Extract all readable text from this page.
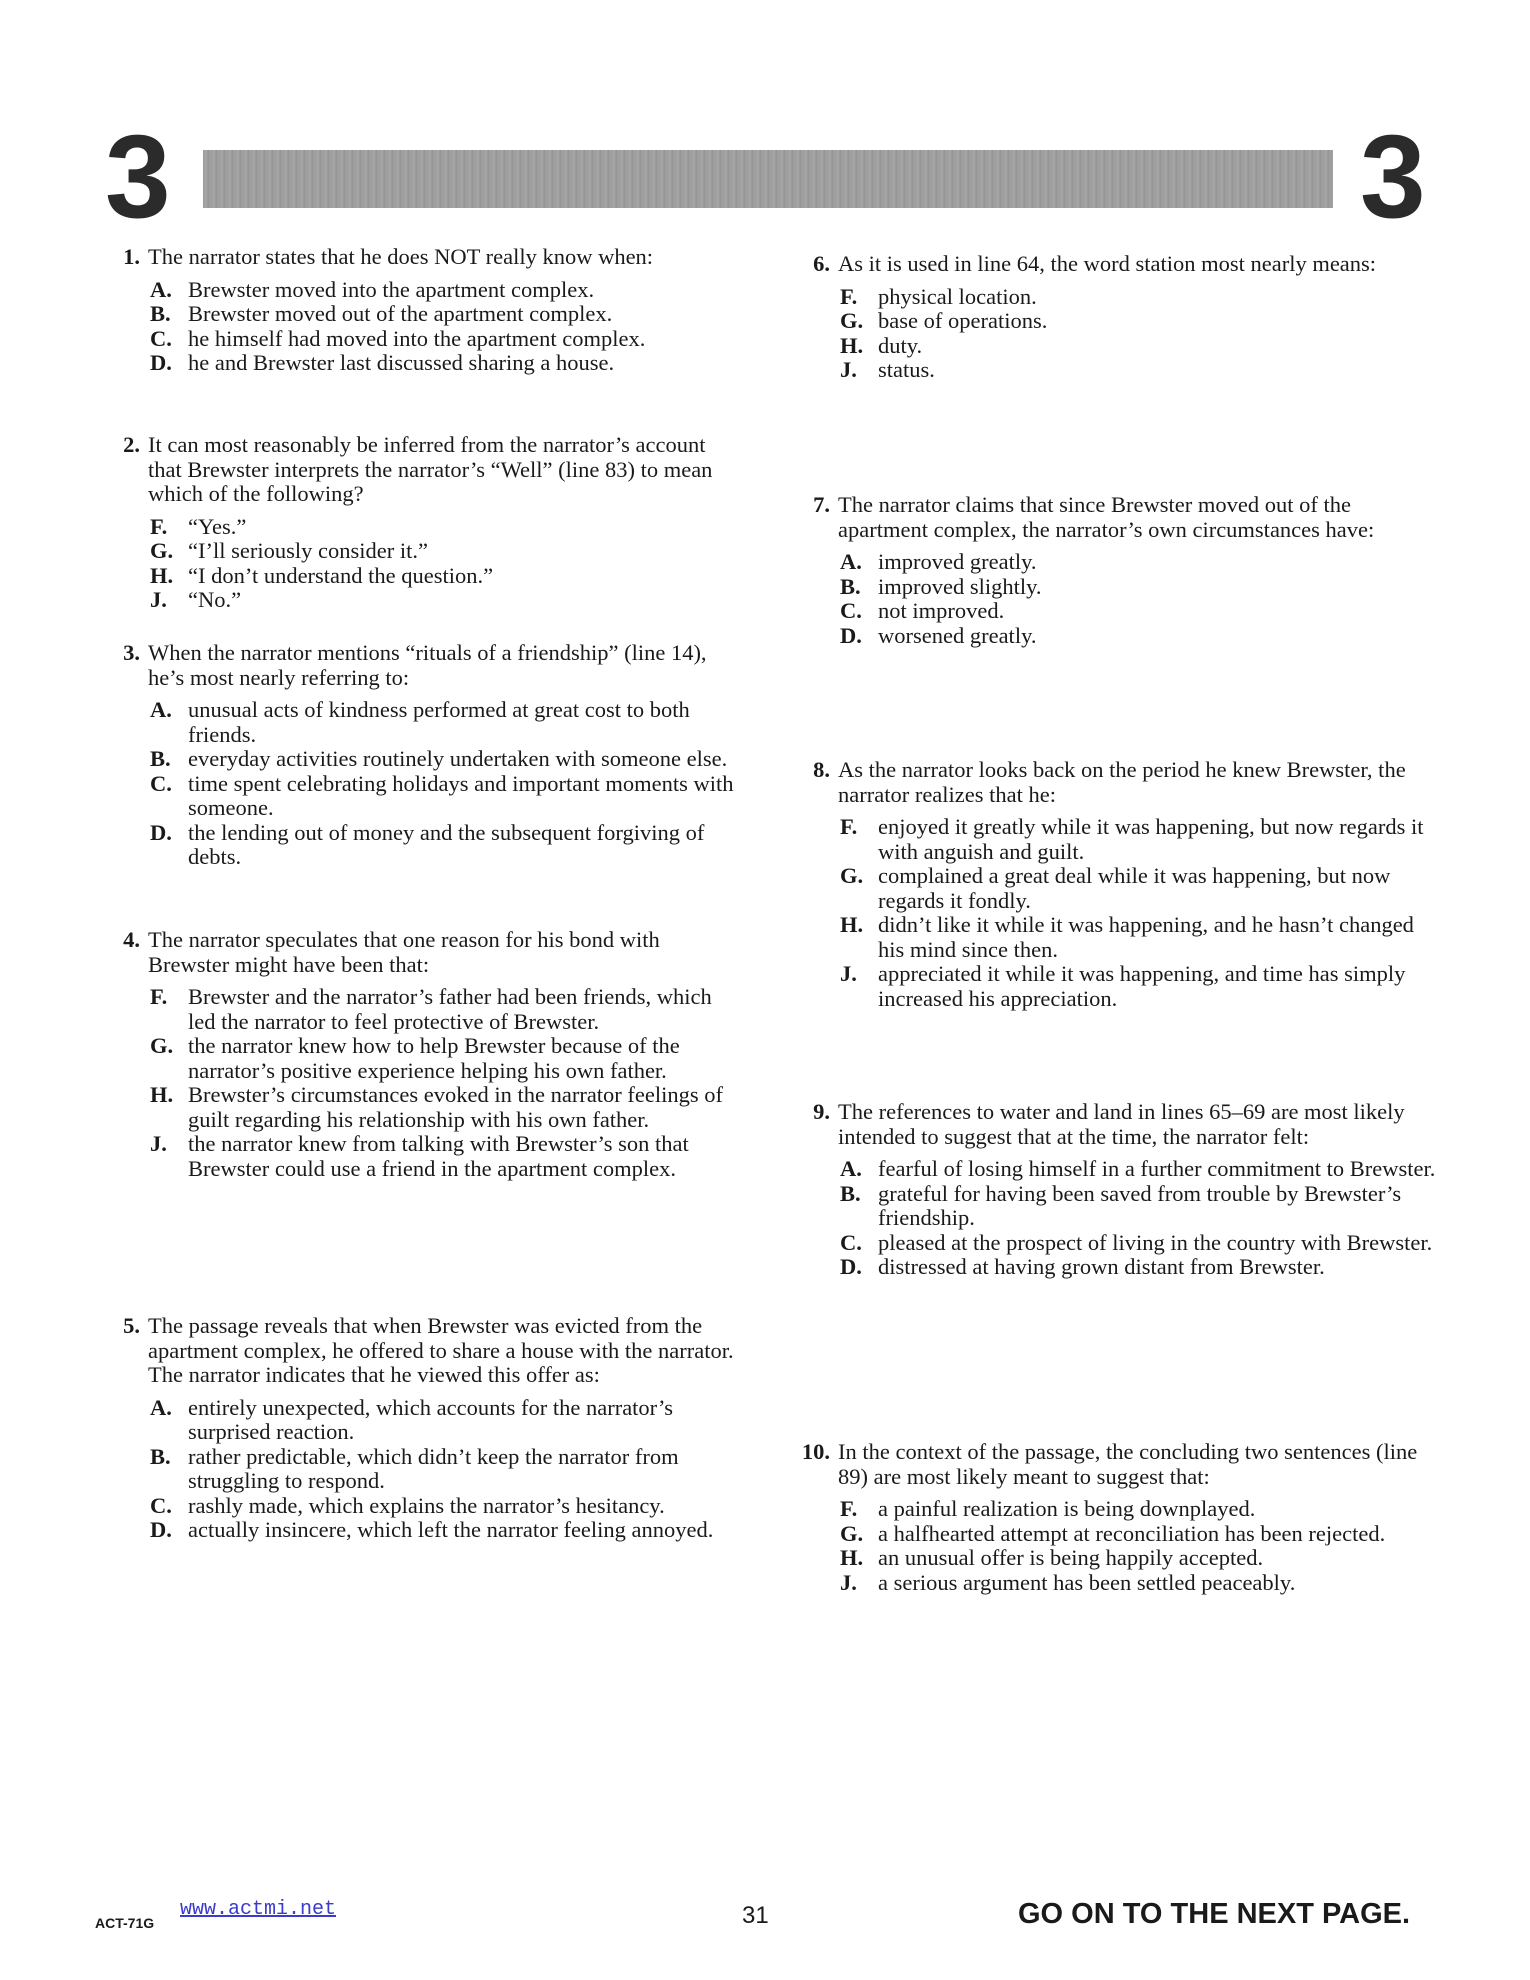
3	3
1. The narrator states that he does NOT really know when:
A. Brewster moved into the apartment complex.
B. Brewster moved out of the apartment complex.
C. he himself had moved into the apartment complex.
D. he and Brewster last discussed sharing a house.
2. It can most reasonably be inferred from the narrator’s account that Brewster interprets the narrator’s “Well” (line 83) to mean which of the following?
F. “Yes.”
G. “I’ll seriously consider it.”
H. “I don’t understand the question.”
J. “No.”
3. When the narrator mentions “rituals of a friendship” (line 14), he’s most nearly referring to:
A. unusual acts of kindness performed at great cost to both friends.
B. everyday activities routinely undertaken with someone else.
C. time spent celebrating holidays and important moments with someone.
D. the lending out of money and the subsequent forgiving of debts.
4. The narrator speculates that one reason for his bond with Brewster might have been that:
F. Brewster and the narrator’s father had been friends, which led the narrator to feel protective of Brewster.
G. the narrator knew how to help Brewster because of the narrator’s positive experience helping his own father.
H. Brewster’s circumstances evoked in the narrator feelings of guilt regarding his relationship with his own father.
J. the narrator knew from talking with Brewster’s son that Brewster could use a friend in the apartment complex.
5. The passage reveals that when Brewster was evicted from the apartment complex, he offered to share a house with the narrator. The narrator indicates that he viewed this offer as:
A. entirely unexpected, which accounts for the narrator’s surprised reaction.
B. rather predictable, which didn’t keep the narrator from struggling to respond.
C. rashly made, which explains the narrator’s hesitancy.
D. actually insincere, which left the narrator feeling annoyed.
6. As it is used in line 64, the word station most nearly means:
F. physical location.
G. base of operations.
H. duty.
J. status.
7. The narrator claims that since Brewster moved out of the apartment complex, the narrator’s own circumstances have:
A. improved greatly.
B. improved slightly.
C. not improved.
D. worsened greatly.
8. As the narrator looks back on the period he knew Brewster, the narrator realizes that he:
F. enjoyed it greatly while it was happening, but now regards it with anguish and guilt.
G. complained a great deal while it was happening, but now regards it fondly.
H. didn’t like it while it was happening, and he hasn’t changed his mind since then.
J. appreciated it while it was happening, and time has simply increased his appreciation.
9. The references to water and land in lines 65–69 are most likely intended to suggest that at the time, the narrator felt:
A. fearful of losing himself in a further commitment to Brewster.
B. grateful for having been saved from trouble by Brewster’s friendship.
C. pleased at the prospect of living in the country with Brewster.
D. distressed at having grown distant from Brewster.
10. In the context of the passage, the concluding two sentences (line 89) are most likely meant to suggest that:
F. a painful realization is being downplayed.
G. a halfhearted attempt at reconciliation has been rejected.
H. an unusual offer is being happily accepted.
J. a serious argument has been settled peaceably.
ACT-71G
www.actmi.net	31	GO ON TO THE NEXT PAGE.
